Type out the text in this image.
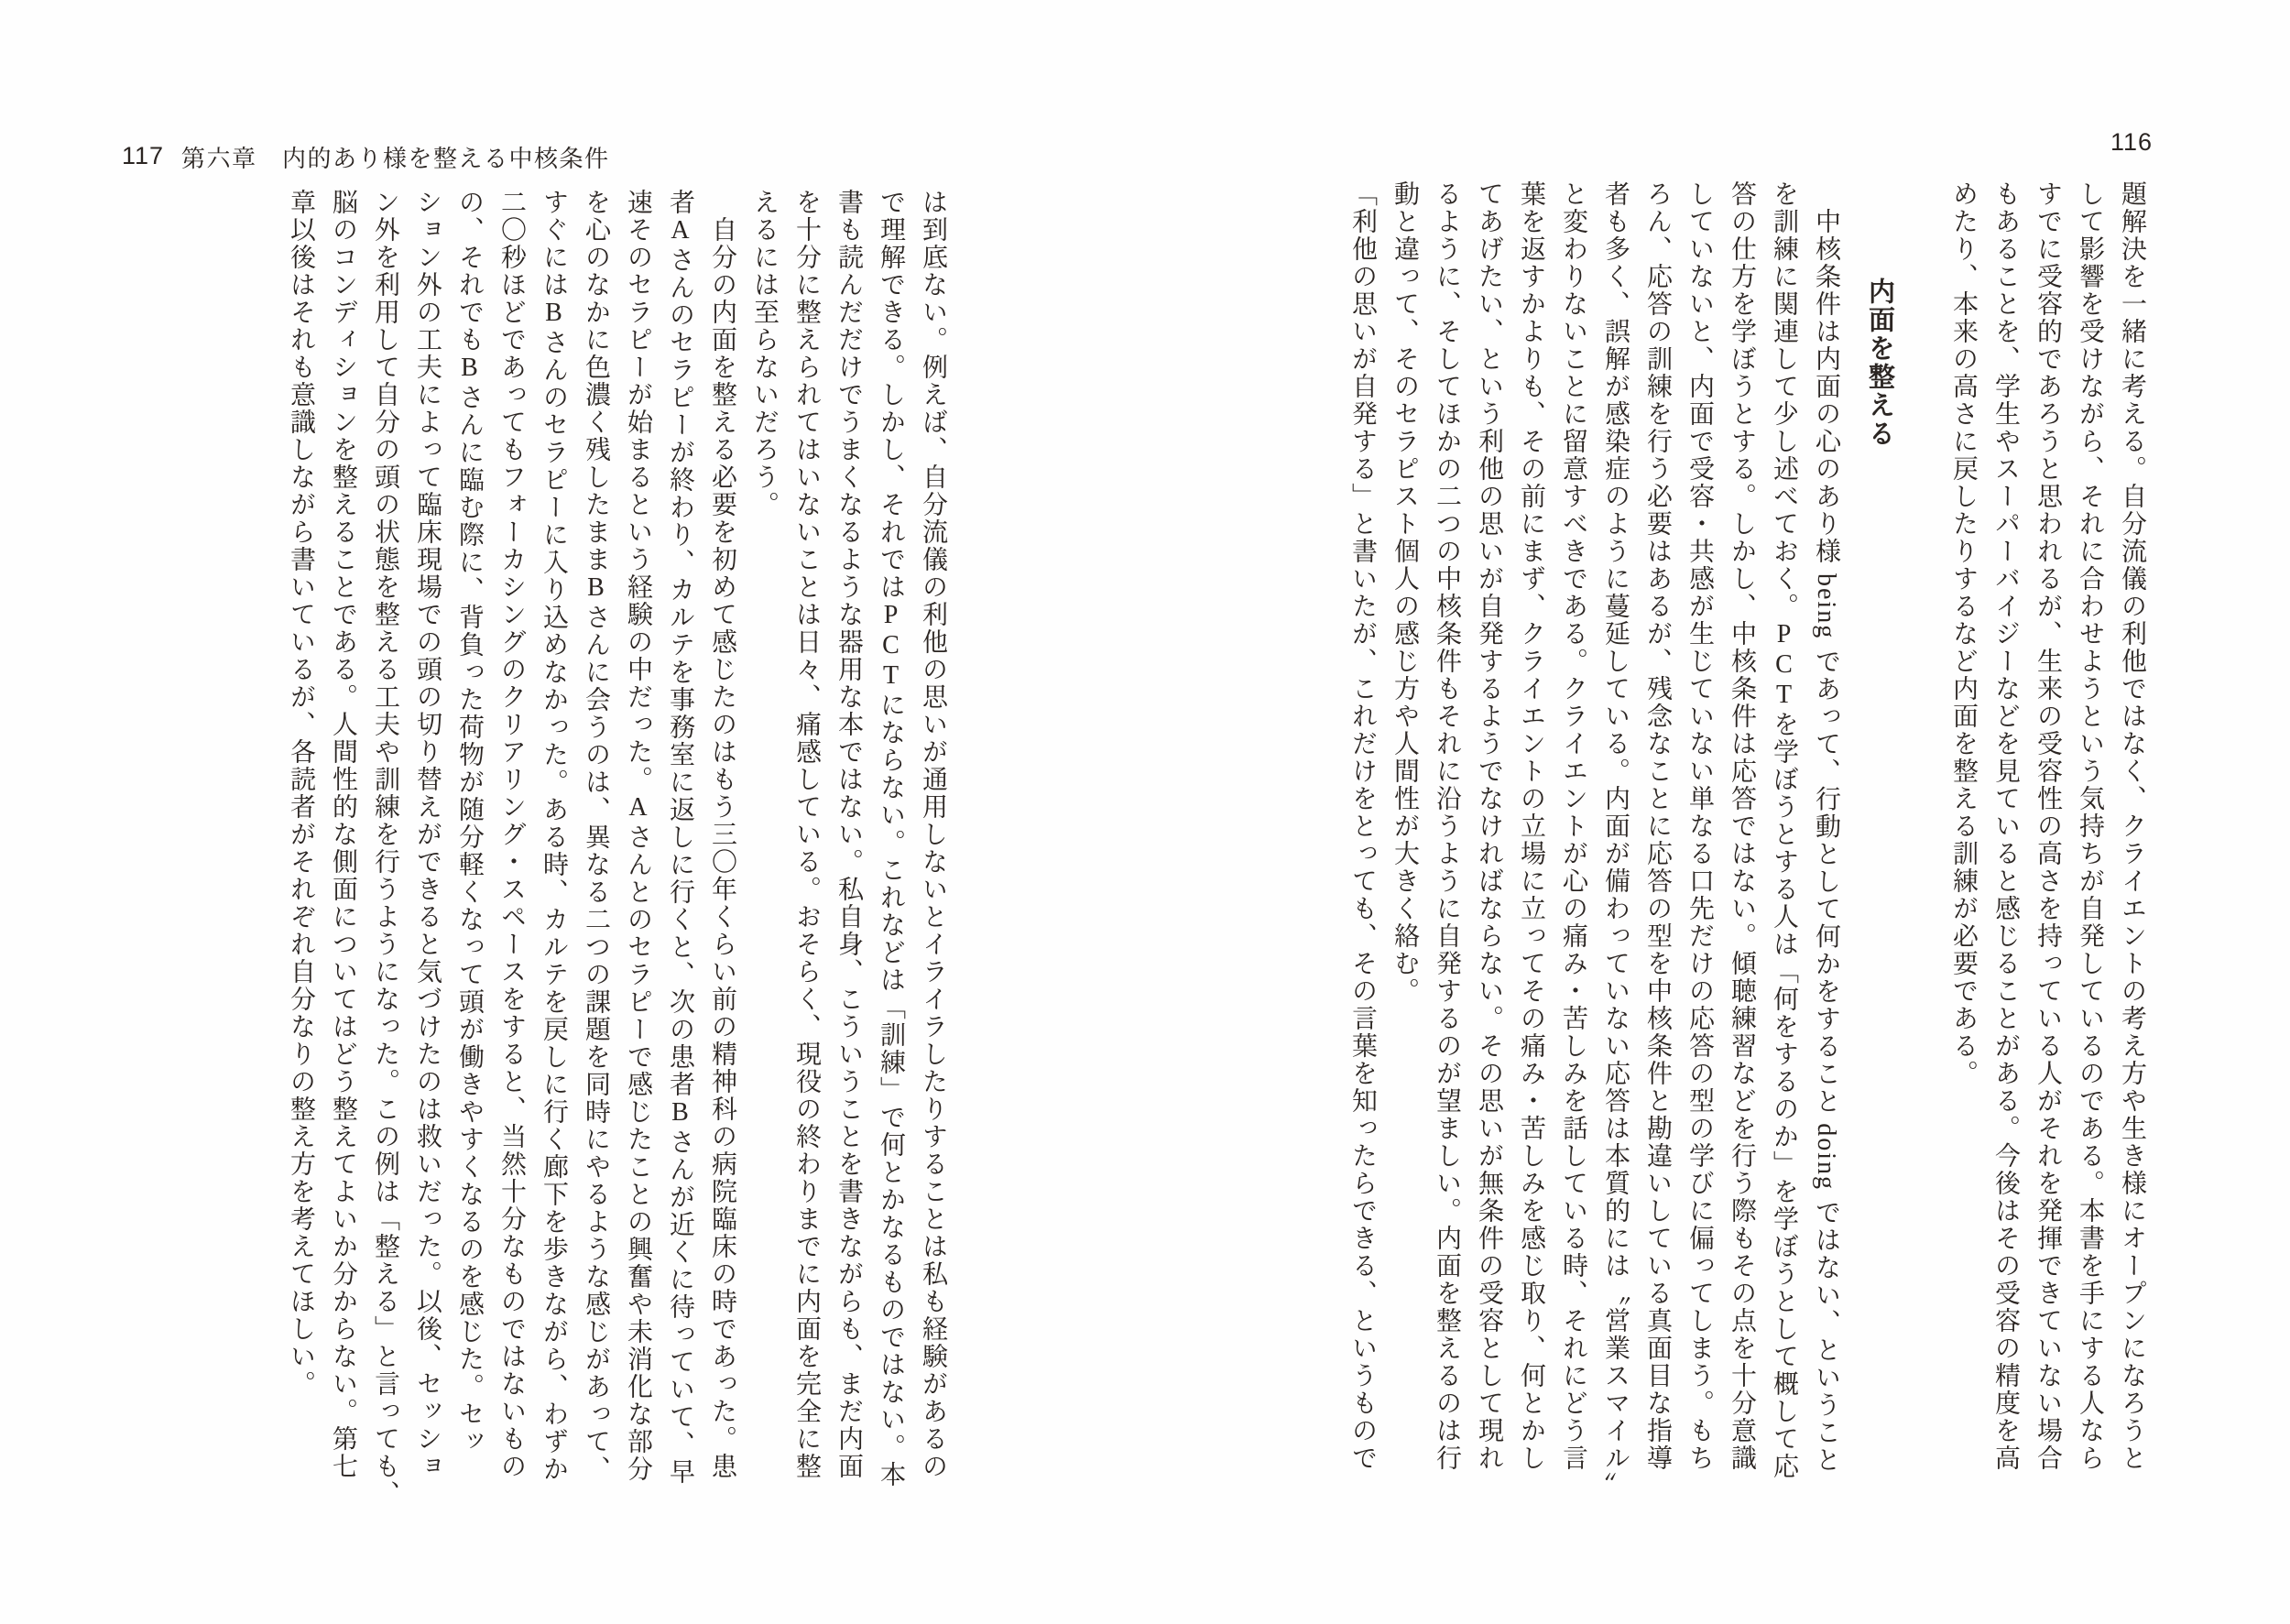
117 第六章　内的あり様を整える中核条件

は到底ない。例えば、自分流儀の利他の思いが通用しないとイライラしたりすることは私も経験があるの

で理解できる。しかし、それではPCTにならない。これなどは「訓練」で何とかなるものではない。本

書も読んだだけでうまくなるような器用な本ではない。私自身、こういうことを書きながらも、まだ内面

を十分に整えられてはいないことは日々、痛感している。おそらく、現役の終わりまでに内面を完全に整

えるには至らないだろう。

　自分の内面を整える必要を初めて感じたのはもう三〇年くらい前の精神科の病院臨床の時であった。患

者Aさんのセラピーが終わり、カルテを事務室に返しに行くと、次の患者Bさんが近くに待っていて、早

速そのセラピーが始まるという経験の中だった。Aさんとのセラピーで感じたことの興奮や未消化な部分

を心のなかに色濃く残したままBさんに会うのは、異なる二つの課題を同時にやるような感じがあって、

すぐにはBさんのセラピーに入り込めなかった。ある時、カルテを戻しに行く廊下を歩きながら、わずか

二〇秒ほどであってもフォーカシングのクリアリング・スペースをすると、当然十分なものではないもの

の、それでもBさんに臨む際に、背負った荷物が随分軽くなって頭が働きやすくなるのを感じた。セッ

ション外の工夫によって臨床現場での頭の切り替えができると気づけたのは救いだった。以後、セッショ

ン外を利用して自分の頭の状態を整える工夫や訓練を行うようになった。この例は「整える」と言っても、

脳のコンディションを整えることである。人間性的な側面についてはどう整えてよいか分からない。第七

章以後はそれも意識しながら書いているが、各読者がそれぞれ自分なりの整え方を考えてほしい。

116

題解決を一緒に考える。自分流儀の利他ではなく、クライエントの考え方や生き様にオープンになろうと

して影響を受けながら、それに合わせようという気持ちが自発しているのである。本書を手にする人なら

すでに受容的であろうと思われるが、生来の受容性の高さを持っている人がそれを発揮できていない場合

もあることを、学生やスーパーバイジーなどを見ていると感じることがある。今後はその受容の精度を高

めたり、本来の高さに戻したりするなど内面を整える訓練が必要である。

内面を整える

　中核条件は内面の心のあり様 being であって、行動として何かをすること doing ではない、ということ

を訓練に関連して少し述べておく。PCTを学ぼうとする人は「何をするのか」を学ぼうとして概して応

答の仕方を学ぼうとする。しかし、中核条件は応答ではない。傾聴練習などを行う際もその点を十分意識

していないと、内面で受容・共感が生じていない単なる口先だけの応答の型の学びに偏ってしまう。もち

ろん、応答の訓練を行う必要はあるが、残念なことに応答の型を中核条件と勘違いしている真面目な指導

者も多く、誤解が感染症のように蔓延している。内面が備わっていない応答は本質的には〝営業スマイル〟

と変わりないことに留意すべきである。クライエントが心の痛み・苦しみを話している時、それにどう言

葉を返すかよりも、その前にまず、クライエントの立場に立ってその痛み・苦しみを感じ取り、何とかし

てあげたい、という利他の思いが自発するようでなければならない。その思いが無条件の受容として現れ

るように、そしてほかの二つの中核条件もそれに沿うように自発するのが望ましい。内面を整えるのは行

動と違って、そのセラピスト個人の感じ方や人間性が大きく絡む。

「利他の思いが自発する」と書いたが、これだけをとっても、その言葉を知ったらできる、というもので
